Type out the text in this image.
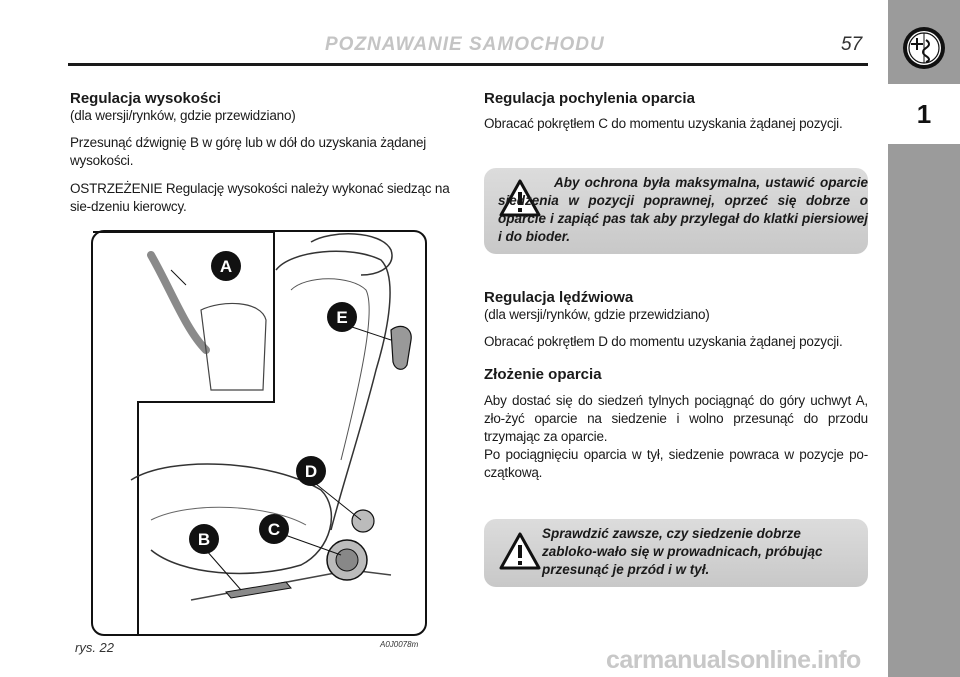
POZNAWANIE SAMOCHODU	57
1

Regulacja wysokości

(dla wersji/rynków, gdzie przewidziano)

Przesunąć dźwignię B w górę lub w dół do uzyskania żądanej wysokości.

OSTRZEŻENIE Regulację wysokości należy wykonać siedząc na sie-dzeniu kierowcy.

A
E
D
C
B
rys. 22	A0J0078m

Regulacja pochylenia oparcia

Obracać pokrętłem C do momentu uzyskania żądanej pozycji.

Aby ochrona była maksymalna, ustawić oparcie siedzenia w pozycji poprawnej, oprzeć się dobrze o oparcie i zapiąć pas tak aby przylegał do klatki piersiowej i do bioder.

Regulacja lędźwiowa

(dla wersji/rynków, gdzie przewidziano)

Obracać pokrętłem D do momentu uzyskania żądanej pozycji.

Złożenie oparcia

Aby dostać się do siedzeń tylnych pociągnąć do góry uchwyt A, zło-żyć oparcie na siedzenie i wolno przesunąć do przodu trzymając za oparcie.

Po pociągnięciu oparcia w tył, siedzenie powraca w pozycje po-czątkową.

Sprawdzić zawsze, czy siedzenie dobrze zabloko-wało się w prowadnicach, próbując przesunąć je przód i w tył.
carmanualsonline.info
